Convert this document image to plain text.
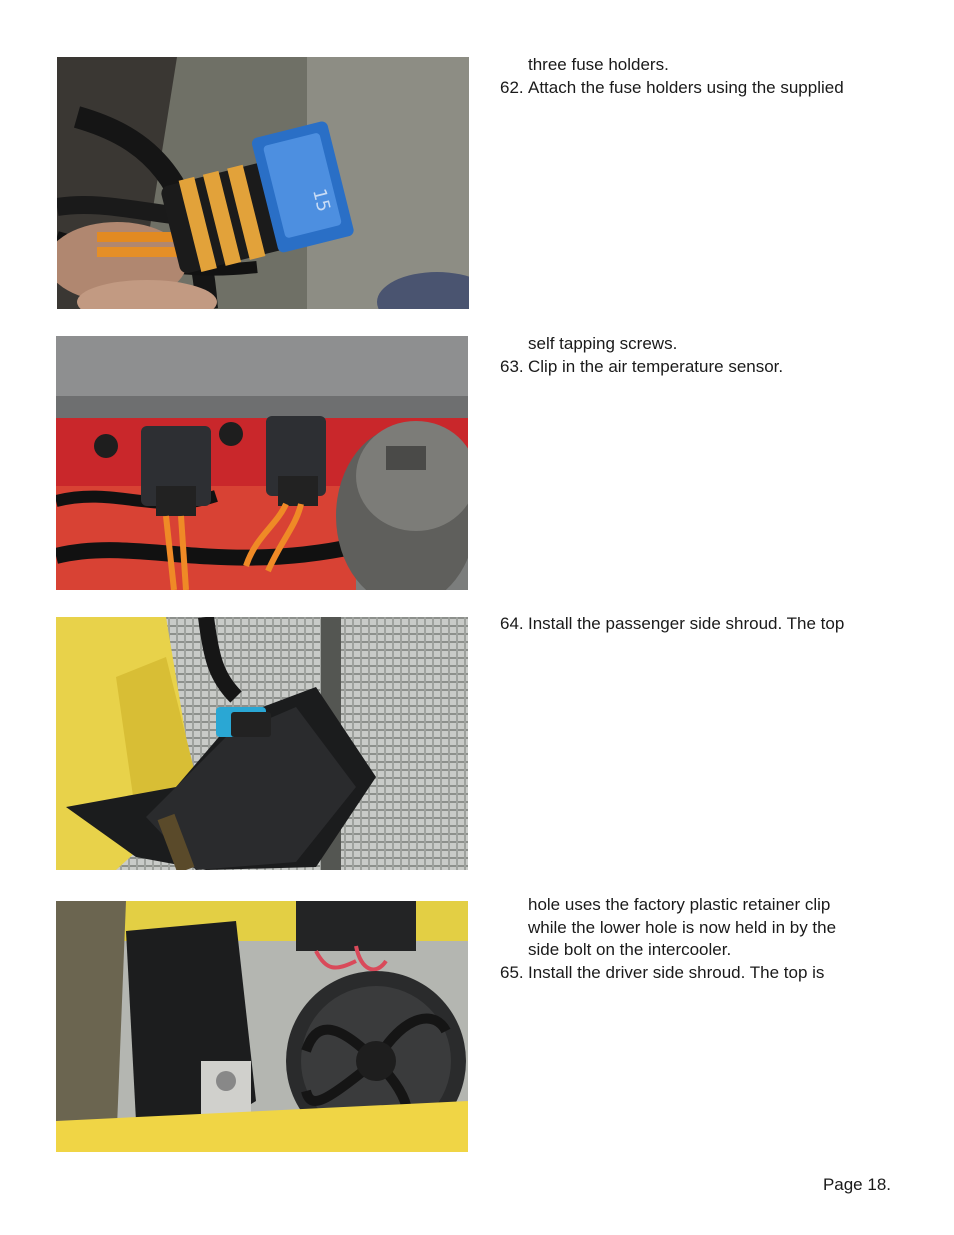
15
three fuse holders.
62. Attach the fuse holders using the supplied
self tapping screws.
63. Clip in the air temperature sensor.
64. Install the passenger side shroud. The top
hole uses the factory plastic retainer clip
while the lower hole is now held in by the
side bolt on the intercooler.
65. Install the driver side shroud. The top is
Page 18.
